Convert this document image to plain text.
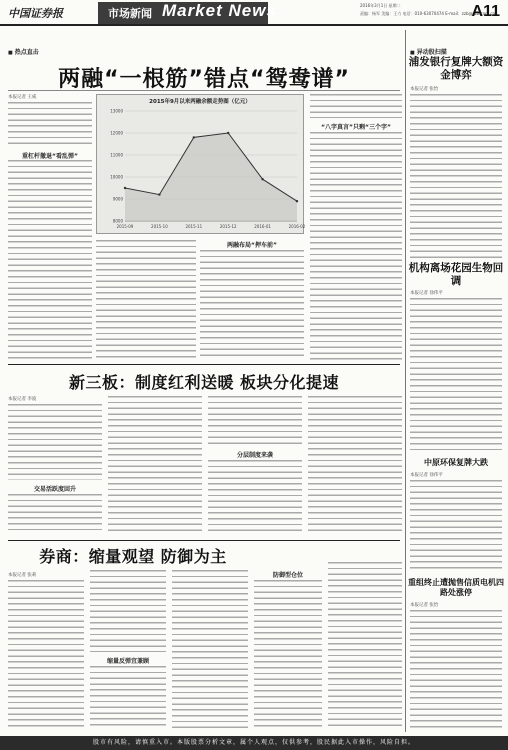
中国证券报	市场新闻 Market News	2016年3月1日 星期二
责编：杨军 美编：王力 电话：010-63070474 E-mail：zzb@zzb.com.cn
A11
■ 热点直击
两融“一根筋”错点“鸳鸯谱”
本报记者 王威
重杠杆撤退“看乱弹”
2015年9月以来两融余额走势图（亿元）
8000
9000
10000
11000
12000
13000
2015-09	2015-10	2015-11	2015-12	2016-01	2016-02
两融布局“押车前”
“八字真言”只剩“三个字”
新三板：制度红利送暖 板块分化提速
本报记者 李波
交易活跃度回升
分层制度来袭
券商：缩量观望 防御为主
本报记者 张莉
缩量反弹宜兼顾
防御型仓位
■ 异动股扫描
浦发银行复牌大额资金博弈
本报记者 张怡
机构离场花园生物回调
本报记者 徐伟平
中原环保复牌大跌
本报记者 徐伟平
重组终止遭抛售信质电机四路处涨停
本报记者 张怡
股市有风险，请慎重入市。本版股票分析文章，属个人观点，仅供参考，股民据此入市操作，风险自担。
